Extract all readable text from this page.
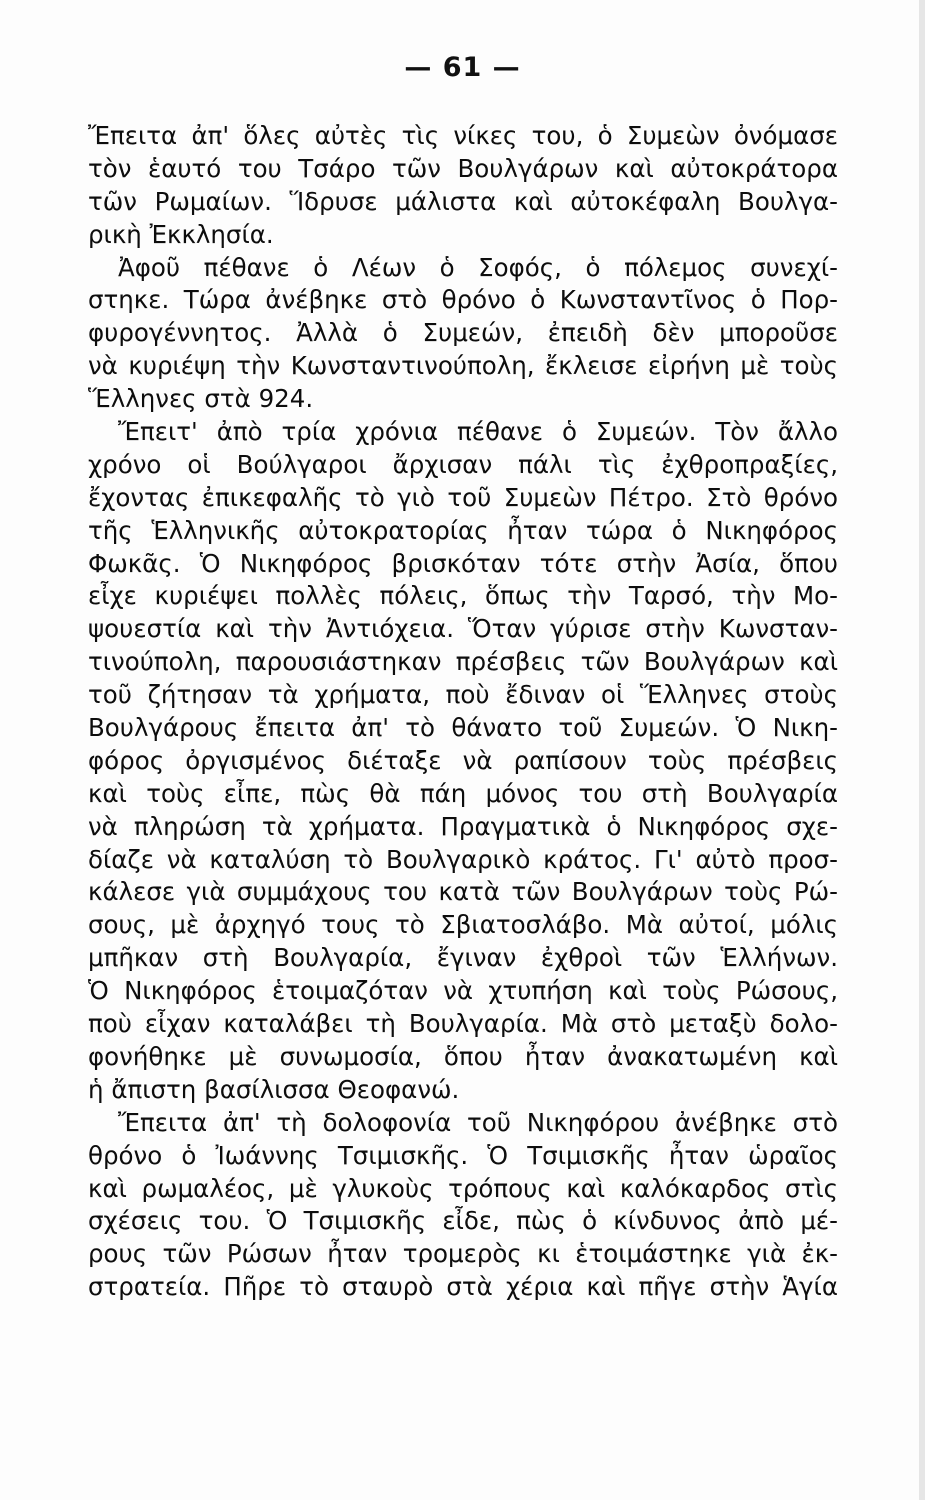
— 61 —
Ἔπειτα ἀπ' ὅλες αὐτὲς τὶς νίκες του, ὁ Συμεὼν ὀνόμασε
τὸν ἑαυτό του Τσάρο τῶν Βουλγάρων καὶ αὐτοκράτορα
τῶν Ρωμαίων. Ἵδρυσε μάλιστα καὶ αὐτοκέφαλη Βουλγα-
ρικὴ Ἐκκλησία.
Ἀφοῦ πέθανε ὁ Λέων ὁ Σοφός, ὁ πόλεμος συνεχί-
στηκε. Τώρα ἀνέβηκε στὸ θρόνο ὁ Κωνσταντῖνος ὁ Πορ-
φυρογέννητος. Ἀλλὰ ὁ Συμεών, ἐπειδὴ δὲν μποροῦσε
νὰ κυριέψη τὴν Κωνσταντινούπολη, ἔκλεισε εἰρήνη μὲ τοὺς
Ἕλληνες στὰ 924.
Ἔπειτ' ἀπὸ τρία χρόνια πέθανε ὁ Συμεών. Τὸν ἄλλο
χρόνο οἱ Βούλγαροι ἄρχισαν πάλι τὶς ἐχθροπραξίες,
ἔχοντας ἐπικεφαλῆς τὸ γιὸ τοῦ Συμεὼν Πέτρο. Στὸ θρόνο
τῆς Ἑλληνικῆς αὐτοκρατορίας ἦταν τώρα ὁ Νικηφόρος
Φωκᾶς. Ὁ Νικηφόρος βρισκόταν τότε στὴν Ἀσία, ὅπου
εἶχε κυριέψει πολλὲς πόλεις, ὅπως τὴν Ταρσό, τὴν Μο-
ψουεστία καὶ τὴν Ἀντιόχεια. Ὅταν γύρισε στὴν Κωνσταν-
τινούπολη, παρουσιάστηκαν πρέσβεις τῶν Βουλγάρων καὶ
τοῦ ζήτησαν τὰ χρήματα, ποὺ ἔδιναν οἱ Ἕλληνες στοὺς
Βουλγάρους ἔπειτα ἀπ' τὸ θάνατο τοῦ Συμεών. Ὁ Νικη-
φόρος ὀργισμένος διέταξε νὰ ραπίσουν τοὺς πρέσβεις
καὶ τοὺς εἶπε, πὼς θὰ πάη μόνος του στὴ Βουλγαρία
νὰ πληρώση τὰ χρήματα. Πραγματικὰ ὁ Νικηφόρος σχε-
δίαζε νὰ καταλύση τὸ Βουλγαρικὸ κράτος. Γι' αὐτὸ προσ-
κάλεσε γιὰ συμμάχους του κατὰ τῶν Βουλγάρων τοὺς Ρώ-
σους, μὲ ἀρχηγό τους τὸ Σβιατοσλάβο. Μὰ αὐτοί, μόλις
μπῆκαν στὴ Βουλγαρία, ἔγιναν ἐχθροὶ τῶν Ἑλλήνων.
Ὁ Νικηφόρος ἑτοιμαζόταν νὰ χτυπήση καὶ τοὺς Ρώσους,
ποὺ εἶχαν καταλάβει τὴ Βουλγαρία. Μὰ στὸ μεταξὺ δολο-
φονήθηκε μὲ συνωμοσία, ὅπου ἦταν ἀνακατωμένη καὶ
ἡ ἄπιστη βασίλισσα Θεοφανώ.
Ἔπειτα ἀπ' τὴ δολοφονία τοῦ Νικηφόρου ἀνέβηκε στὸ
θρόνο ὁ Ἰωάννης Τσιμισκῆς. Ὁ Τσιμισκῆς ἦταν ὡραῖος
καὶ ρωμαλέος, μὲ γλυκοὺς τρόπους καὶ καλόκαρδος στὶς
σχέσεις του. Ὁ Τσιμισκῆς εἶδε, πὼς ὁ κίνδυνος ἀπὸ μέ-
ρους τῶν Ρώσων ἦταν τρομερὸς κι ἑτοιμάστηκε γιὰ ἐκ-
στρατεία. Πῆρε τὸ σταυρὸ στὰ χέρια καὶ πῆγε στὴν Ἁγία
